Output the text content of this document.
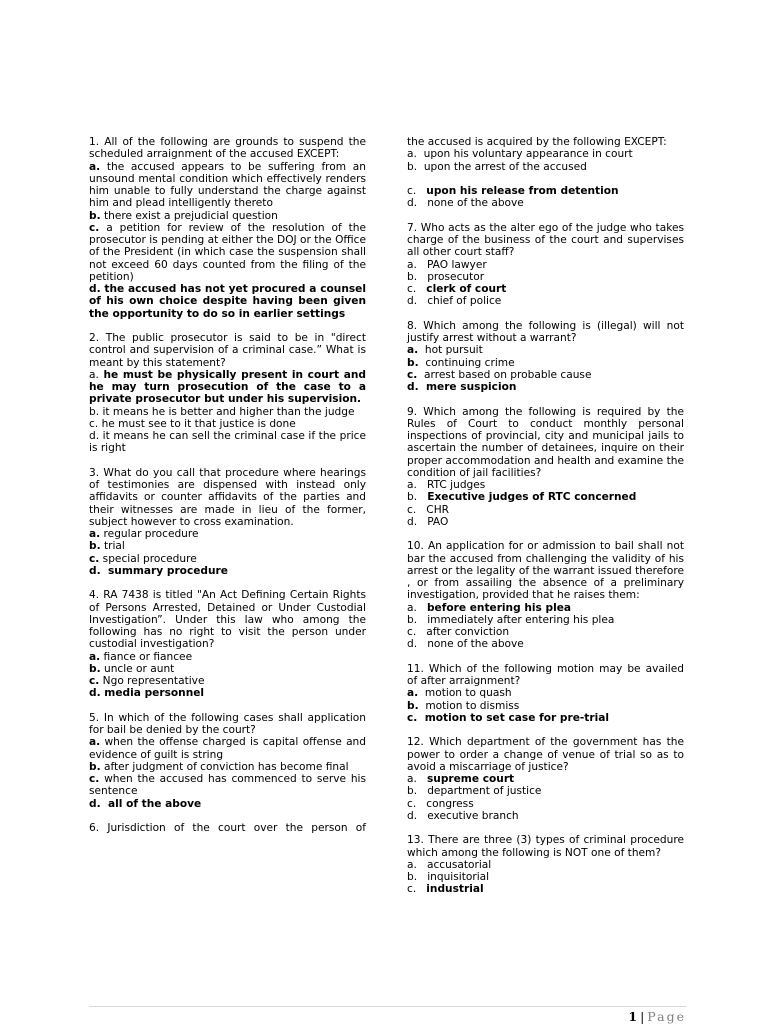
1. All of the following are grounds to suspend the scheduled arraignment of the accused EXCEPT:
a. the accused appears to be suffering from an unsound mental condition which effectively renders him unable to fully understand the charge against him and plead intelligently thereto
b. there exist a prejudicial question
c. a petition for review of the resolution of the prosecutor is pending at either the DOJ or the Office of the President (in which case the suspension shall not exceed 60 days counted from the filing of the petition)
d. the accused has not yet procured a counsel of his own choice despite having been given the opportunity to do so in earlier settings
2. The public prosecutor is said to be in "direct control and supervision of a criminal case.” What is meant by this statement?
a. he must be physically present in court and he may turn prosecution of the case to a private prosecutor but under his supervision.
b. it means he is better and higher than the judge
c. he must see to it that justice is done
d. it means he can sell the criminal case if the price is right
3. What do you call that procedure where hearings of testimonies are dispensed with instead only affidavits or counter affidavits of the parties and their witnesses are made in lieu of the former, subject however to cross examination.
a. regular procedure
b. trial
c. special procedure
d.  summary procedure
4. RA 7438 is titled "An Act Defining Certain Rights of Persons Arrested, Detained or Under Custodial Investigation”. Under this law who among the following has no right to visit the person under custodial investigation?
a. fiance or fiancee
b. uncle or aunt
c. Ngo representative
d. media personnel
5. In which of the following cases shall application for bail be denied by the court?
a. when the offense charged is capital offense and evidence of guilt is string
b. after judgment of conviction has become final
c. when the accused has commenced to serve his sentence
d.  all of the above
6. Jurisdiction of the court over the person of
the accused is acquired by the following EXCEPT:
a. upon his voluntary appearance in court
b. upon the arrest of the accused
c. upon his release from detention
d. none of the above
7. Who acts as the alter ego of the judge who takes charge of the business of the court and supervises all other court staff?
a. PAO lawyer
b. prosecutor
c. clerk of court
d. chief of police
8. Which among the following is (illegal) will not justify arrest without a warrant?
a. hot pursuit
b. continuing crime
c. arrest based on probable cause
d. mere suspicion
9. Which among the following is required by the Rules of Court to conduct monthly personal inspections of provincial, city and municipal jails to ascertain the number of detainees, inquire on their proper accommodation and health and examine the condition of jail facilities?
a. RTC judges
b. Executive judges of RTC concerned
c. CHR
d. PAO
10. An application for or admission to bail shall not bar the accused from challenging the validity of his arrest or the legality of the warrant issued therefore , or from assailing the absence of a preliminary investigation, provided that he raises them:
a. before entering his plea
b. immediately after entering his plea
c. after conviction
d. none of the above
11. Which of the following motion may be availed of after arraignment?
a. motion to quash
b. motion to dismiss
c. motion to set case for pre-trial
12. Which department of the government has the power to order a change of venue of trial so as to avoid a miscarriage of justice?
a. supreme court
b. department of justice
c. congress
d. executive branch
13. There are three (3) types of criminal procedure which among the following is NOT one of them?
a. accusatorial
b. inquisitorial
c. industrial
1 | Page
